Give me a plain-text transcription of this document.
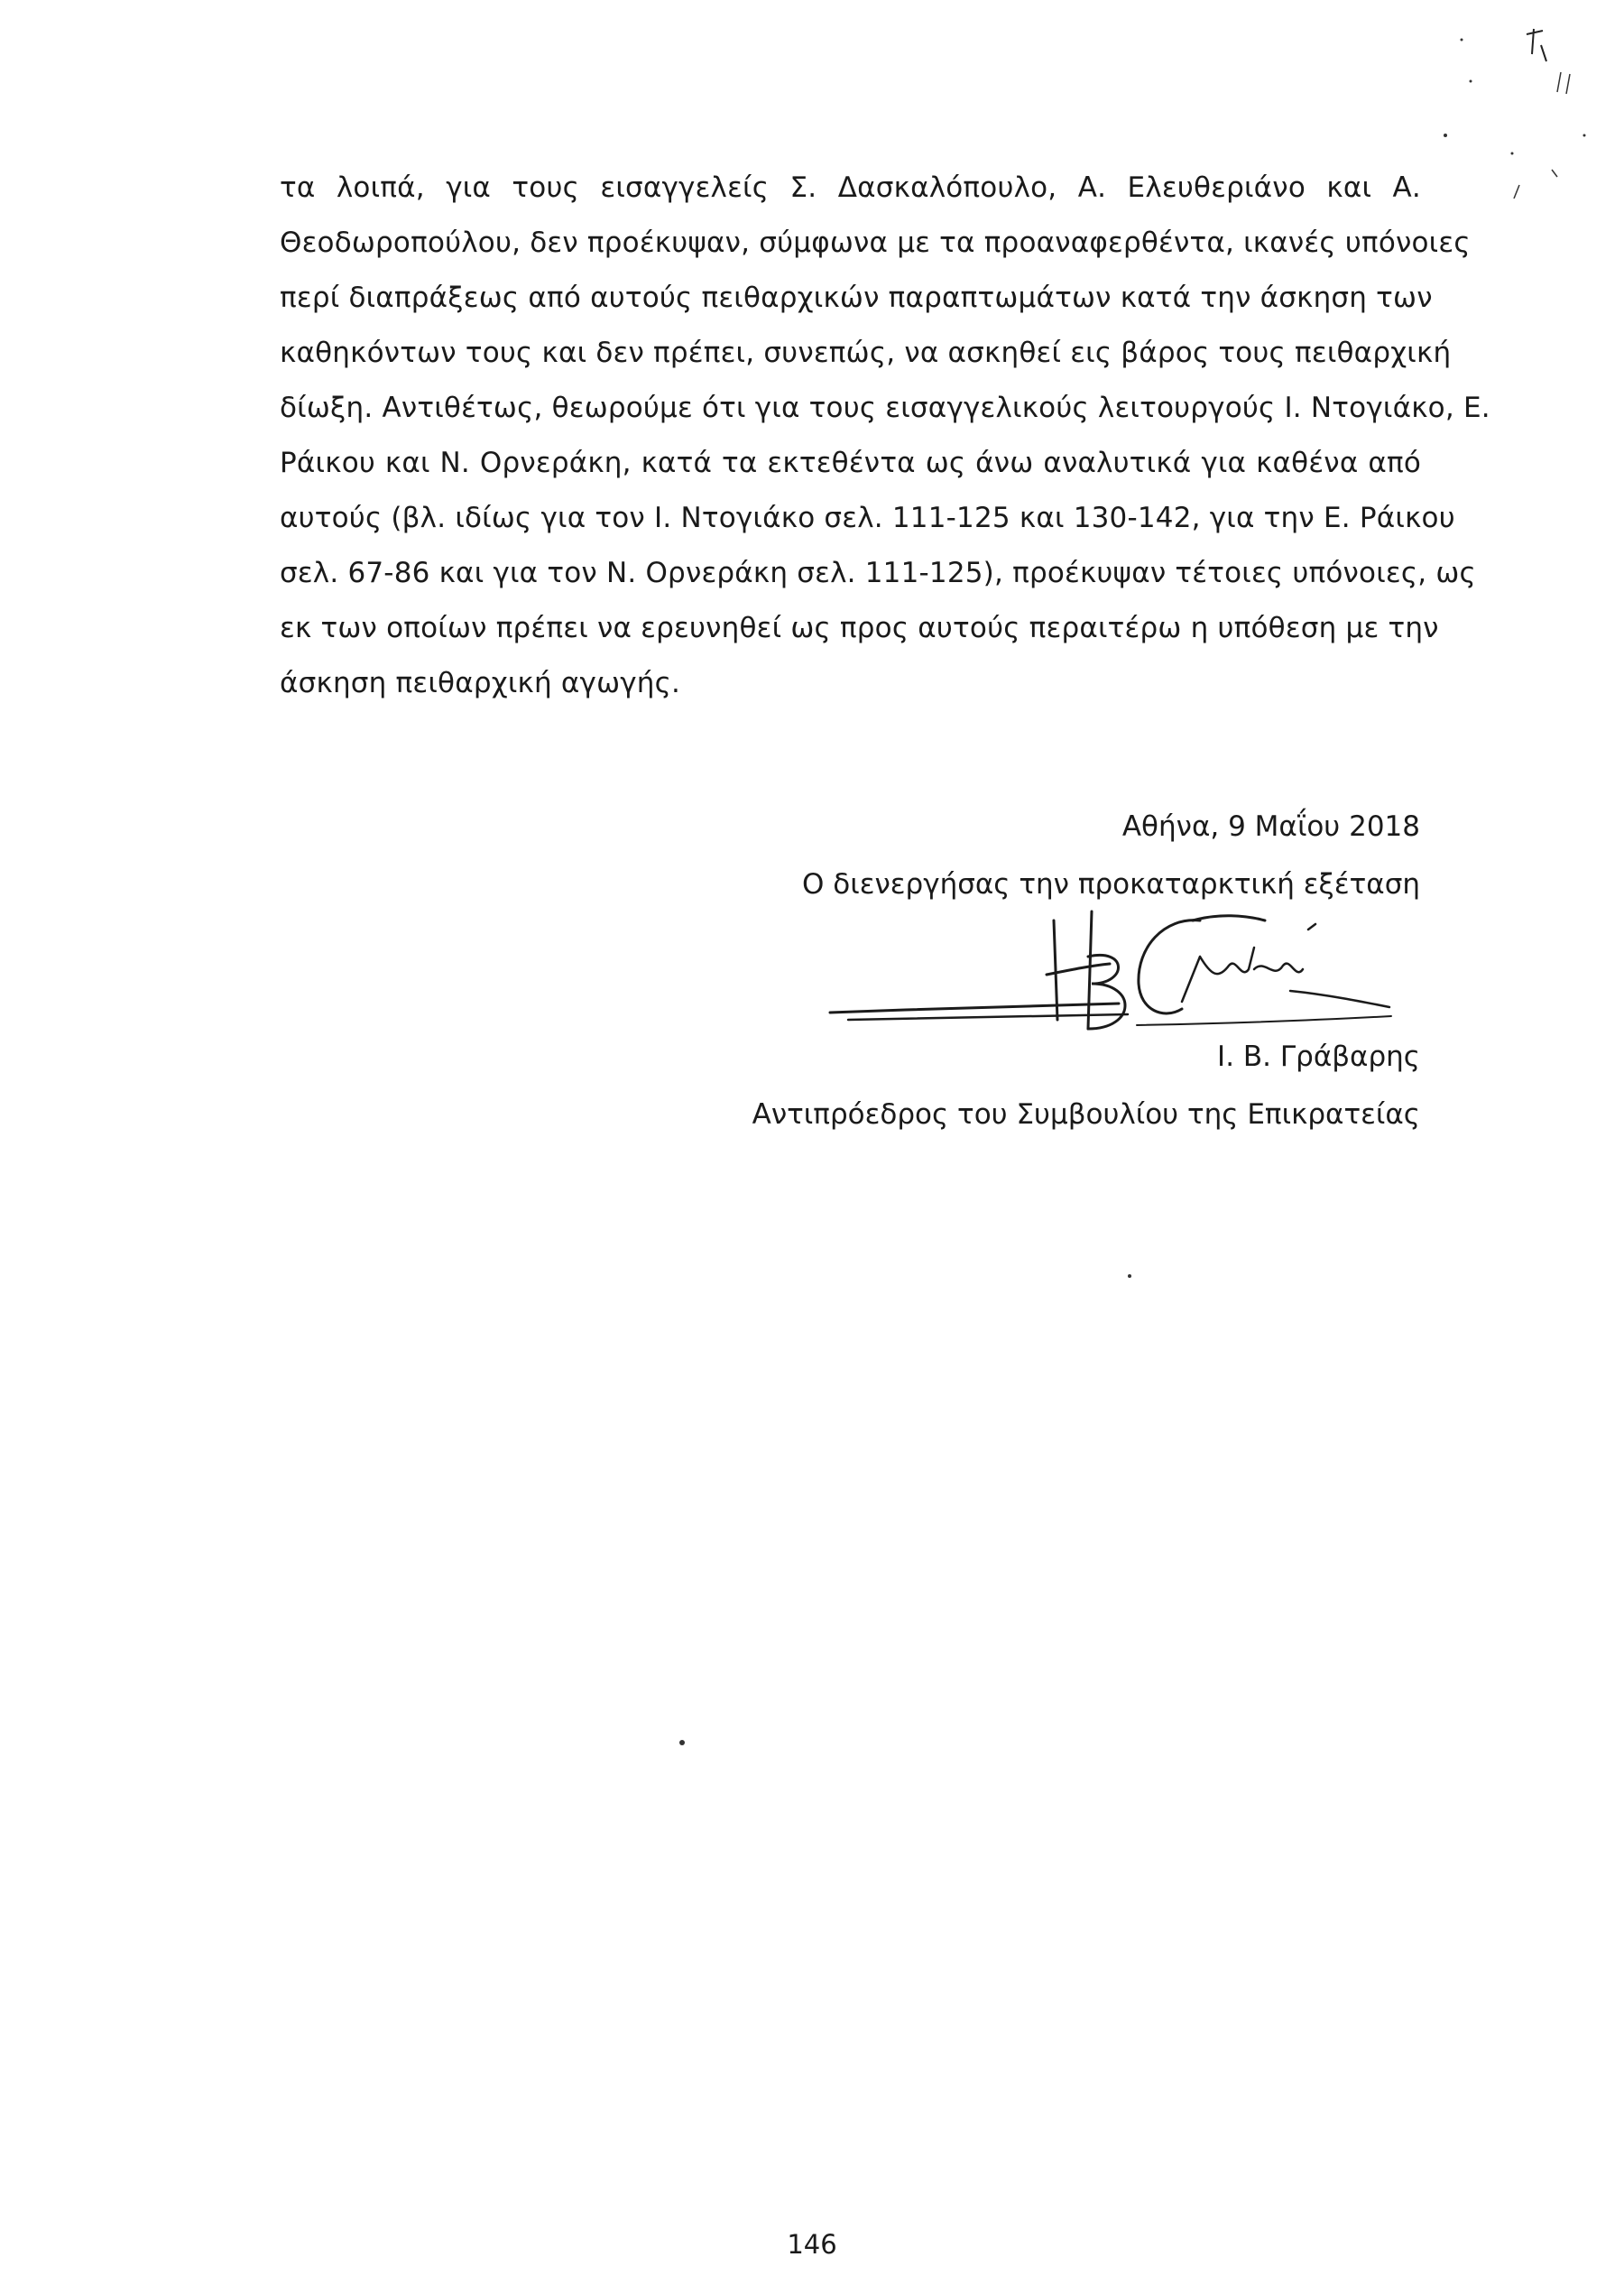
τα λοιπά, για τους εισαγγελείς Σ. Δασκαλόπουλο, Α. Ελευθεριάνο και Α.
Θεοδωροπούλου, δεν προέκυψαν, σύμφωνα με τα προαναφερθέντα, ικανές υπόνοιες
περί διαπράξεως από αυτούς πειθαρχικών παραπτωμάτων κατά την άσκηση των
καθηκόντων τους και δεν πρέπει, συνεπώς, να ασκηθεί εις βάρος τους πειθαρχική
δίωξη. Αντιθέτως, θεωρούμε ότι για τους εισαγγελικούς λειτουργούς Ι. Ντογιάκο, Ε.
Ράικου και Ν. Ορνεράκη, κατά τα εκτεθέντα ως άνω αναλυτικά για καθένα από
αυτούς (βλ. ιδίως για τον Ι. Ντογιάκο σελ. 111-125 και 130-142, για την Ε. Ράικου
σελ. 67-86 και για τον Ν. Ορνεράκη σελ. 111-125), προέκυψαν τέτοιες υπόνοιες, ως
εκ των οποίων πρέπει να ερευνηθεί ως προς αυτούς περαιτέρω η υπόθεση με την
άσκηση πειθαρχική αγωγής.
Αθήνα, 9 Μαΐου 2018
Ο διενεργήσας την προκαταρκτική εξέταση
Ι. Β. Γράβαρης
Αντιπρόεδρος του Συμβουλίου της Επικρατείας
146
